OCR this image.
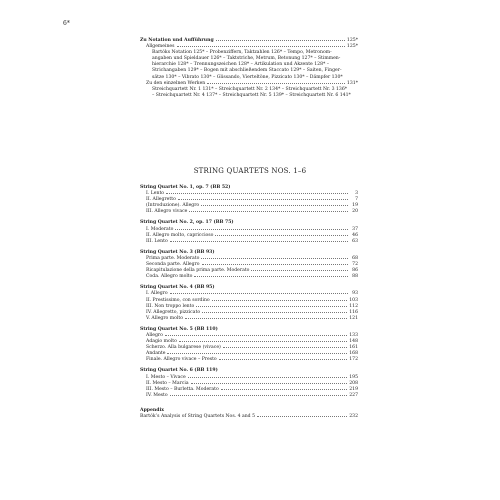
6*
Zu Notation und Aufführung	125*
Allgemeines	125*
Bartóks Notation 125* – Probenziffern, Taktzahlen 126* – Tempo, Metronom-
angaben und Spieldauer 126* – Taktstriche, Metrum, Betonung 127* – Stimmen-
hierarchie 128* – Trennungszeichen 128* – Artikulation und Akzente 128* –
Strichangaben 129* – Bogen mit abschließendem Staccato 129* – Saiten, Finger-
sätze 130* – Vibrato 130* – Glissando, Vierteltöne, Pizzicato 130* – Dämpfer 130*
Zu den einzelnen Werken	131*
Streichquartett Nr. 1 131* – Streichquartett Nr. 2 134* – Streichquartett Nr. 3 136*
– Streichquartett Nr. 4 137* – Streichquartett Nr. 5 139* – Streichquartett Nr. 6 141*
STRING QUARTETS NOS. 1–6
String Quartet No. 1, op. 7 (BB 52)
I. Lento	3
II. Allegretto	7
(Introduzione). Allegro	19
III. Allegro vivace	20
String Quartet No. 2, op. 17 (BB 75)
I. Moderato	37
II. Allegro molto, capriccioso	46
III. Lento	63
String Quartet No. 3 (BB 93)
Prima parte. Moderato	68
Seconda parte. Allegro	72
Ricapitulazione della prima parte. Moderato	86
Coda. Allegro molto	88
String Quartet No. 4 (BB 95)
I. Allegro	93
II. Prestissimo, con sordino	103
III. Non troppo lento	112
IV. Allegretto, pizzicato	116
V. Allegro molto	121
String Quartet No. 5 (BB 110)
Allegro	133
Adagio molto	148
Scherzo. Alla bulgarese (vivace)	161
Andante	168
Finale. Allegro vivace – Presto	172
String Quartet No. 6 (BB 119)
I. Mesto – Vivace	195
II. Mesto – Marcia	208
III. Mesto – Burletta. Moderato	219
IV. Mesto	227
Appendix
Bartók’s Analysis of String Quartets Nos. 4 and 5	232
